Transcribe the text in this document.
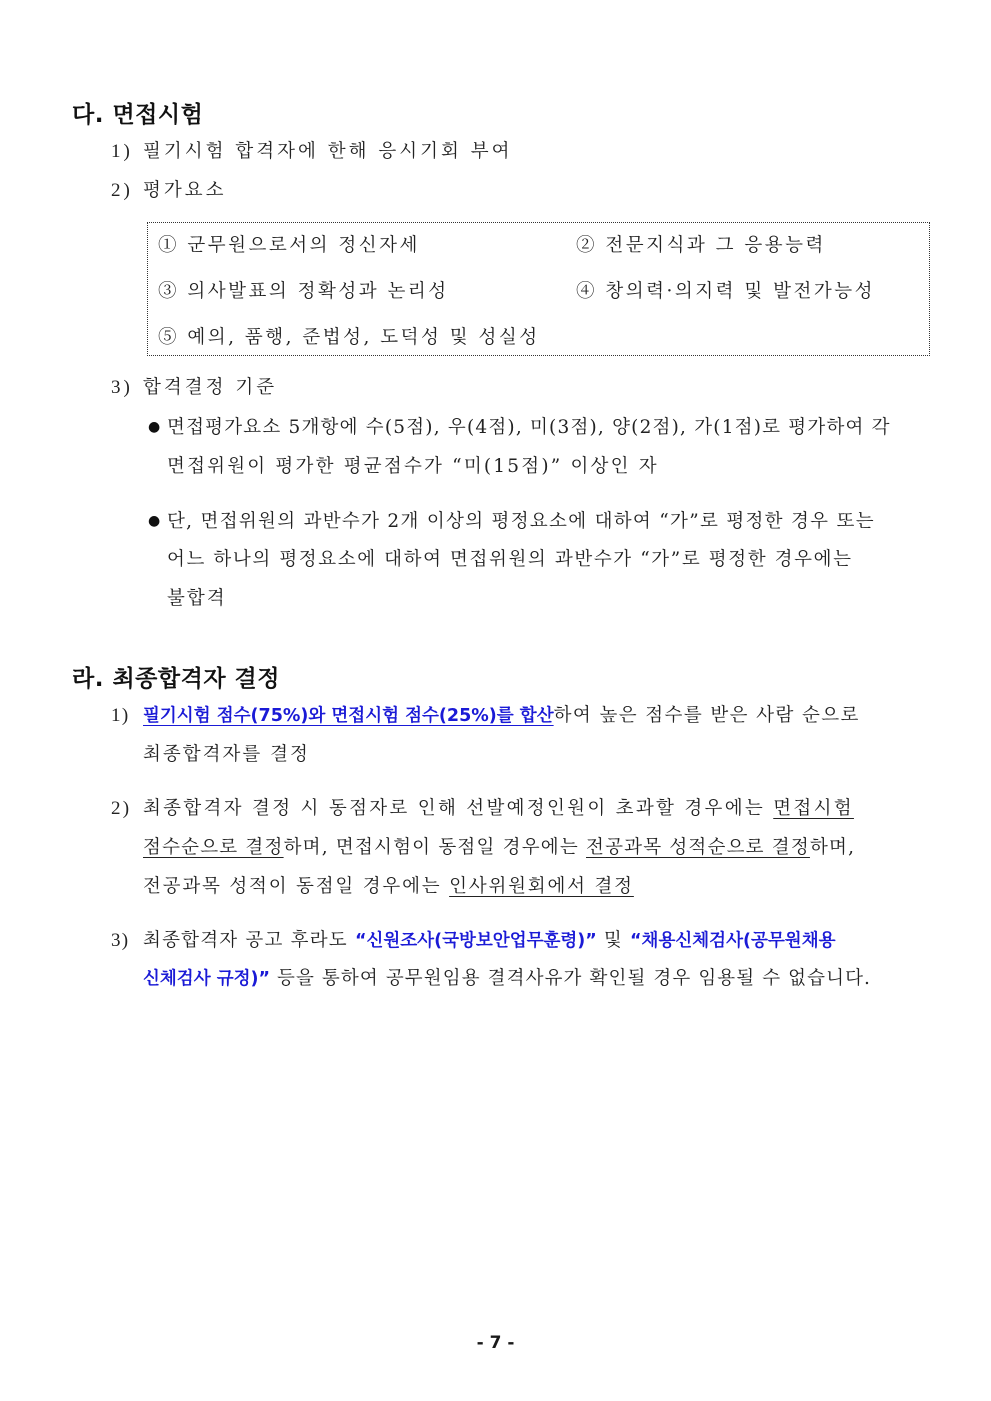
다. 면접시험
1) 필기시험 합격자에 한해 응시기회 부여
2) 평가요소
① 군무원으로서의 정신자세	② 전문지식과 그 응용능력
③ 의사발표의 정확성과 논리성	④ 창의력·의지력 및 발전가능성
⑤ 예의, 품행, 준법성, 도덕성 및 성실성
3) 합격결정 기준
● 면접평가요소 5개항에 수(5점), 우(4점), 미(3점), 양(2점), 가(1점)로 평가하여 각
면접위원이 평가한 평균점수가 “미(15점)” 이상인 자
● 단, 면접위원의 과반수가 2개 이상의 평정요소에 대하여 “가”로 평정한 경우 또는
어느 하나의 평정요소에 대하여 면접위원의 과반수가 “가”로 평정한 경우에는
불합격
라. 최종합격자 결정
1) 필기시험 점수(75%)와 면접시험 점수(25%)를 합산하여 높은 점수를 받은 사람 순으로
최종합격자를 결정
2) 최종합격자 결정 시 동점자로 인해 선발예정인원이 초과할 경우에는 면접시험
점수순으로 결정하며, 면접시험이 동점일 경우에는 전공과목 성적순으로 결정하며,
전공과목 성적이 동점일 경우에는 인사위원회에서 결정
3) 최종합격자 공고 후라도 “신원조사(국방보안업무훈령)” 및 “채용신체검사(공무원채용
신체검사 규정)” 등을 통하여 공무원임용 결격사유가 확인될 경우 임용될 수 없습니다.
- 7 -
